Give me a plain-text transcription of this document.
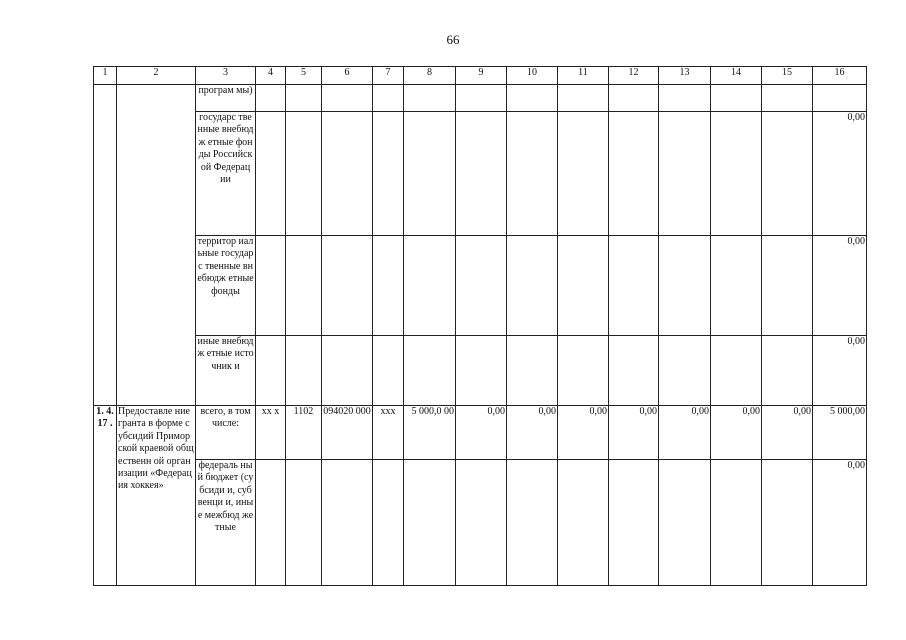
66
1	2	3	4	5	6	7	8	9	10	11	12	13	14	15	16
		програм мы)													
		государс твенные внебюдж етные фонды Российск ой Федерац ии													0,00
		территор иальные государс твенные внебюдж етные фонды													0,00
		иные внебюдж етные источник и													0,00
1. 4. 17 .	Предоставле ние гранта в форме субсидий Приморской краевой общественн ой организации «Федерация хоккея»	всего, в том числе:	хх х	1102	094020 000	ххх	5 000,0 00	0,00	0,00	0,00	0,00	0,00	0,00	0,00	5 000,00
		федераль ный бюджет (субсиди и, субвенци и, иные межбюд жетные													0,00
